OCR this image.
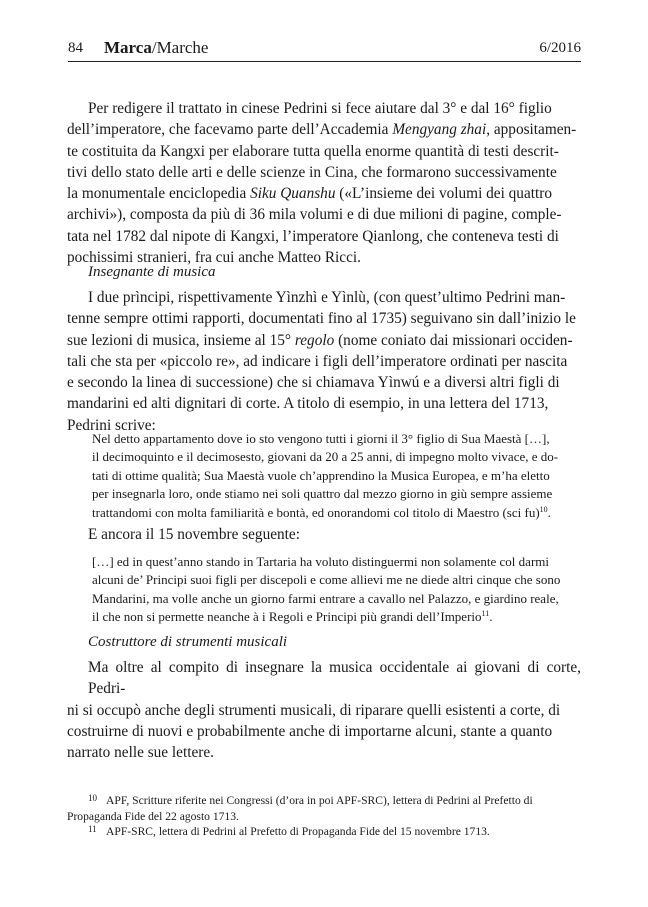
84 Marca/Marche	6/2016
Per redigere il trattato in cinese Pedrini si fece aiutare dal 3° e dal 16° figlio
dell’imperatore, che facevamo parte dell’Accademia Mengyang zhai, appositamen-
te costituita da Kangxi per elaborare tutta quella enorme quantità di testi descrit-
tivi dello stato delle arti e delle scienze in Cina, che formarono successivamente
la monumentale enciclopedia Siku Quanshu («L’insieme dei volumi dei quattro
archivi»), composta da più di 36 mila volumi e di due milioni di pagine, comple-
tata nel 1782 dal nipote di Kangxi, l’imperatore Qianlong, che conteneva testi di
pochissimi stranieri, fra cui anche Matteo Ricci.

Insegnante di musica

I due prìncipi, rispettivamente Yìnzhì e Yìnlù, (con quest’ultimo Pedrini man-
tenne sempre ottimi rapporti, documentati fino al 1735) seguivano sin dall’inizio le
sue lezioni di musica, insieme al 15° regolo (nome coniato dai missionari occiden-
tali che sta per «piccolo re», ad indicare i figli dell’imperatore ordinati per nascita
e secondo la linea di successione) che si chiamava Yìnwú e a diversi altri figli di
mandarini ed alti dignitari di corte. A titolo di esempio, in una lettera del 1713,
Pedrini scrive:
Nel detto appartamento dove io sto vengono tutti i giorni il 3° figlio di Sua Maestà […],
il decimoquinto e il decimosesto, giovani da 20 a 25 anni, di impegno molto vivace, e do-
tati di ottime qualità; Sua Maestà vuole ch’apprendino la Musica Europea, e m’ha eletto
per insegnarla loro, onde stiamo nei soli quattro dal mezzo giorno in giù sempre assieme
trattandomi con molta familiarità e bontà, ed onorandomi col titolo di Maestro (sci fu)$^{10}$.

E ancora il 15 novembre seguente:

[…] ed in quest’anno stando in Tartaria ha voluto distinguermi non solamente col darmi
alcuni de’ Principi suoi figli per discepoli e come allievi me ne diede altri cinque che sono
Mandarini, ma volle anche un giorno farmi entrare a cavallo nel Palazzo, e giardino reale,
il che non si permette neanche à i Regoli e Principi più grandi dell’Imperio$^{11}$.

Costruttore di strumenti musicali

Ma oltre al compito di insegnare la musica occidentale ai giovani di corte, Pedri-
ni si occupò anche degli strumenti musicali, di riparare quelli esistenti a corte, di
costruirne di nuovi e probabilmente anche di importarne alcuni, stante a quanto
narrato nelle sue lettere.
10 APF, Scritture riferite nei Congressi (d’ora in poi APF-SRC), lettera di Pedrini al Prefetto di
Propaganda Fide del 22 agosto 1713.
11 APF-SRC, lettera di Pedrini al Prefetto di Propaganda Fide del 15 novembre 1713.
